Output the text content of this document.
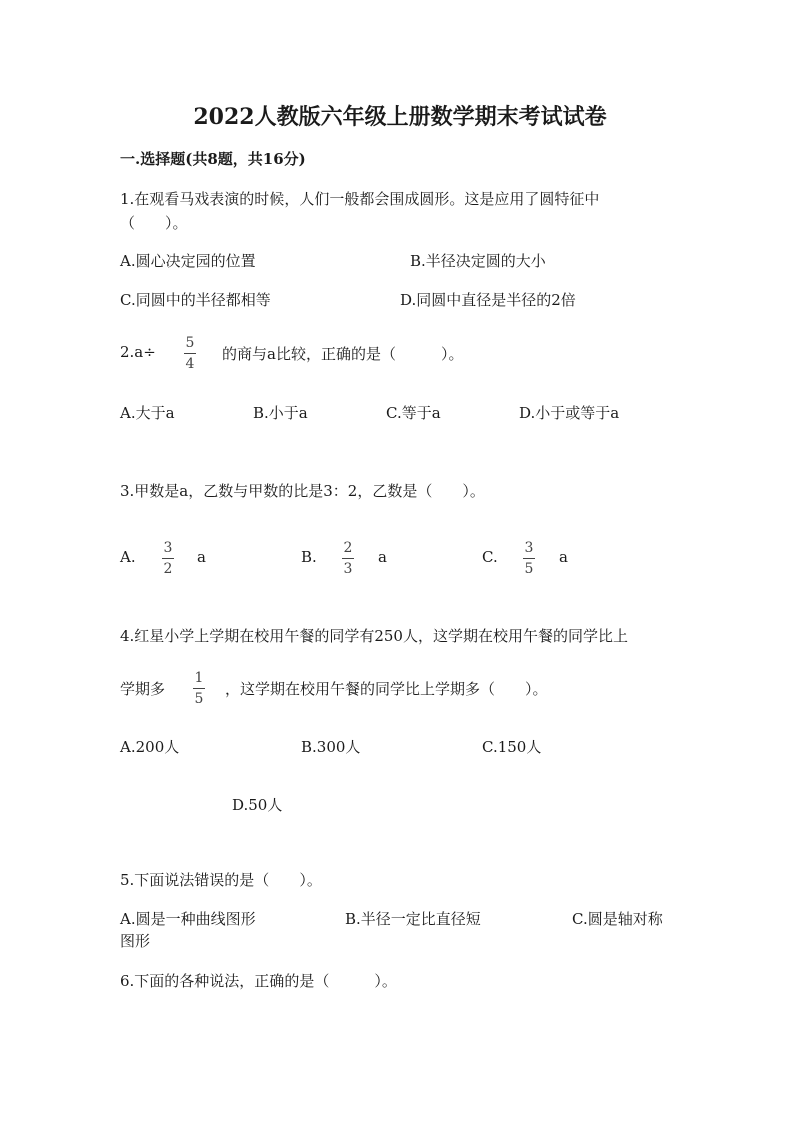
2022人教版六年级上册数学期末考试试卷
一.选择题(共8题，共16分)
1.在观看马戏表演的时候，人们一般都会围成圆形。这是应用了圆特征中
（　　）。
A.圆心决定园的位置	B.半径决定圆的大小
C.同圆中的半径都相等	D.同圆中直径是半径的2倍
2.a÷ 5
4
的商与a比较，正确的是（　　　）。
A.大于a	B.小于a	C.等于a	D.小于或等于a
3.甲数是a，乙数与甲数的比是3：2，乙数是（　　）。
A. 3
2
a	B. 2
3
a	C. 3
5
a
4.红星小学上学期在校用午餐的同学有250人，这学期在校用午餐的同学比上
学期多
1
5
，这学期在校用午餐的同学比上学期多（　　）。
A.200人	B.300人	C.150人
D.50人
5.下面说法错误的是（　　）。
A.圆是一种曲线图形	B.半径一定比直径短	C.圆是轴对称
图形
6.下面的各种说法，正确的是（　　　）。
